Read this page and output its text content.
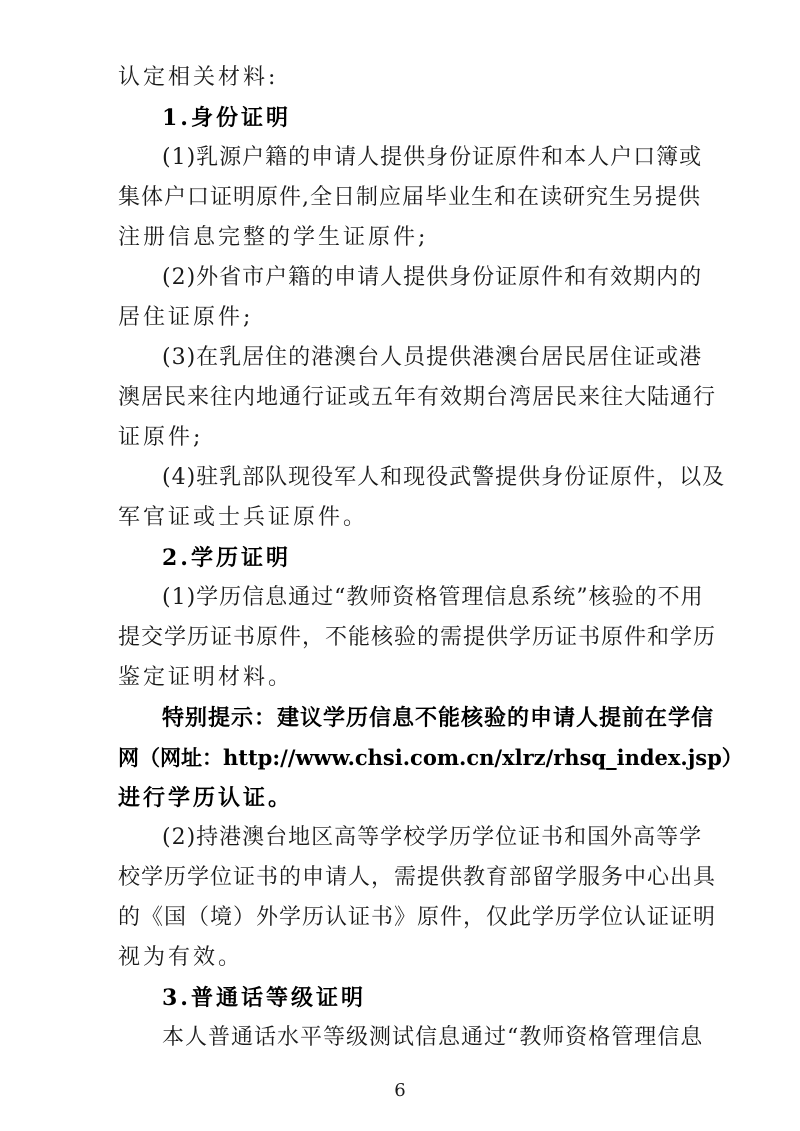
认定相关材料:

1.身份证明

(1)乳源户籍的申请人提供身份证原件和本人户口簿或

集体户口证明原件,全日制应届毕业生和在读研究生另提供

注册信息完整的学生证原件;

(2)外省市户籍的申请人提供身份证原件和有效期内的

居住证原件;

(3)在乳居住的港澳台人员提供港澳台居民居住证或港

澳居民来往内地通行证或五年有效期台湾居民来往大陆通行

证原件;

(4)驻乳部队现役军人和现役武警提供身份证原件，以及

军官证或士兵证原件。

2.学历证明

(1)学历信息通过“教师资格管理信息系统”核验的不用

提交学历证书原件，不能核验的需提供学历证书原件和学历

鉴定证明材料。

特别提示：建议学历信息不能核验的申请人提前在学信

网（网址：http://www.chsi.com.cn/xlrz/rhsq_index.jsp）

进行学历认证。

(2)持港澳台地区高等学校学历学位证书和国外高等学

校学历学位证书的申请人，需提供教育部留学服务中心出具

的《国（境）外学历认证书》原件，仅此学历学位认证证明

视为有效。

3.普通话等级证明

本人普通话水平等级测试信息通过“教师资格管理信息

6
